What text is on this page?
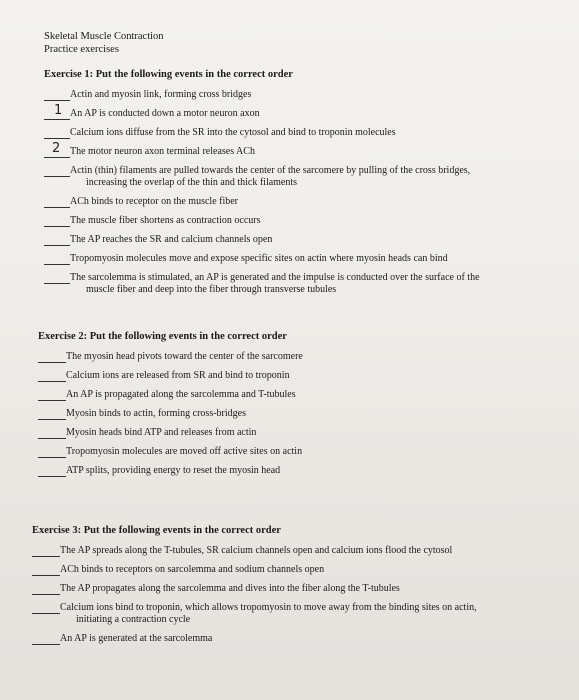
Skeletal Muscle Contraction
Practice exercises
Exercise 1: Put the following events in the correct order
Actin and myosin link, forming cross bridges
1 An AP is conducted down a motor neuron axon
Calcium ions diffuse from the SR into the cytosol and bind to troponin molecules
2 The motor neuron axon terminal releases ACh
Actin (thin) filaments are pulled towards the center of the sarcomere by pulling of the cross bridges,
increasing the overlap of the thin and thick filaments
ACh binds to receptor on the muscle fiber
The muscle fiber shortens as contraction occurs
The AP reaches the SR and calcium channels open
Tropomyosin molecules move and expose specific sites on actin where myosin heads can bind
The sarcolemma is stimulated, an AP is generated and the impulse is conducted over the surface of the
muscle fiber and deep into the fiber through transverse tubules
Exercise 2: Put the following events in the correct order
The myosin head pivots toward the center of the sarcomere
Calcium ions are released from SR and bind to troponin
An AP is propagated along the sarcolemma and T-tubules
Myosin binds to actin, forming cross-bridges
Myosin heads bind ATP and releases from actin
Tropomyosin molecules are moved off active sites on actin
ATP splits, providing energy to reset the myosin head
Exercise 3: Put the following events in the correct order
The AP spreads along the T-tubules, SR calcium channels open and calcium ions flood the cytosol
ACh binds to receptors on sarcolemma and sodium channels open
The AP propagates along the sarcolemma and dives into the fiber along the T-tubules
Calcium ions bind to troponin, which allows tropomyosin to move away from the binding sites on actin,
initiating a contraction cycle
An AP is generated at the sarcolemma
